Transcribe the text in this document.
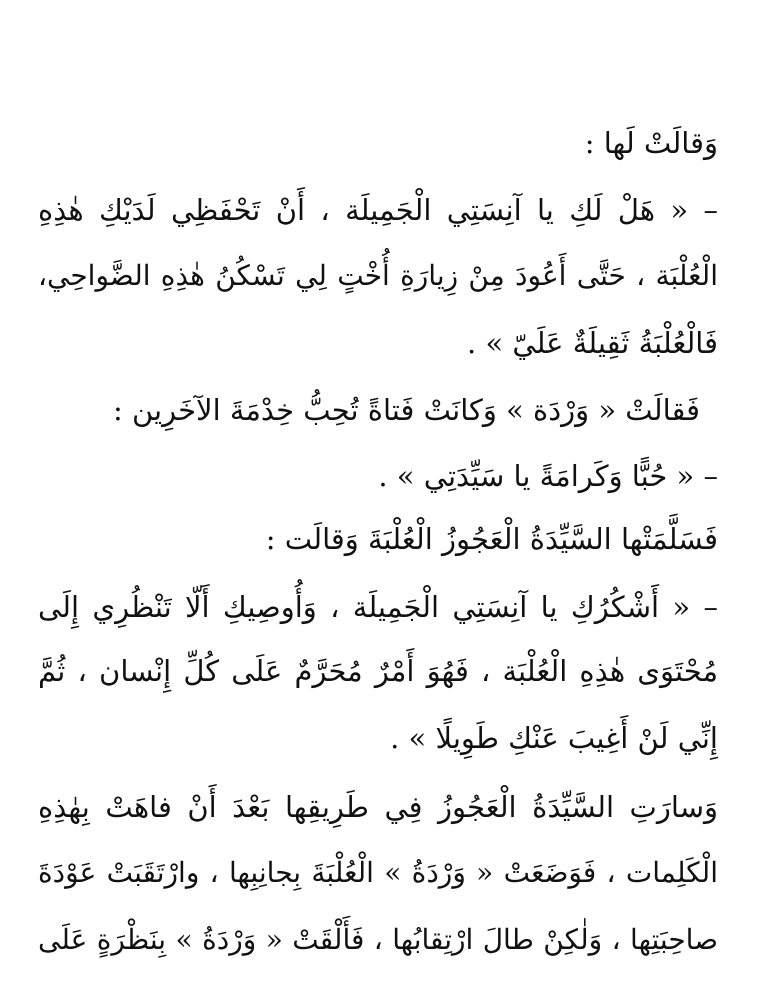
وَقالَتْ لَها :
– « هَلْ لَكِ يا آنِسَتِي الْجَمِيلَة ، أَنْ تَحْفَظِي لَدَيْكِ هٰذِهِ
الْعُلْبَة ، حَتَّى أَعُودَ مِنْ زِيارَةِ أُخْتٍ لِي تَسْكُنُ هٰذِهِ الضَّواحِي،
فَالْعُلْبَةُ ثَقِيلَةٌ عَلَيّ » .
فَقالَتْ « وَرْدَة » وَكانَتْ فَتاةً تُحِبُّ خِدْمَةَ الآخَرِين :
– « حُبًّا وَكَرامَةً يا سَيِّدَتِي » .
فَسَلَّمَتْها السَّيِّدَةُ الْعَجُوزُ الْعُلْبَةَ وَقالَت :
– « أَشْكُرُكِ يا آنِسَتِي الْجَمِيلَة ، وَأُوصِيكِ أَلّا تَنْظُرِي إِلَى
مُحْتَوَى هٰذِهِ الْعُلْبَة ، فَهُوَ أَمْرٌ مُحَرَّمٌ عَلَى كُلِّ إِنْسان ، ثُمَّ
إِنِّي لَنْ أَغِيبَ عَنْكِ طَوِيلًا » .
وَسارَتِ السَّيِّدَةُ الْعَجُوزُ فِي طَرِيقِها بَعْدَ أَنْ فاهَتْ بِهٰذِهِ
الْكَلِمات ، فَوَضَعَتْ « وَرْدَةُ » الْعُلْبَةَ بِجانِبِها ، وارْتَقَبَتْ عَوْدَةَ
صاحِبَتِها ، وَلٰكِنْ طالَ ارْتِقابُها ، فَأَلْقَتْ « وَرْدَةُ » بِنَظْرَةٍ عَلَى
